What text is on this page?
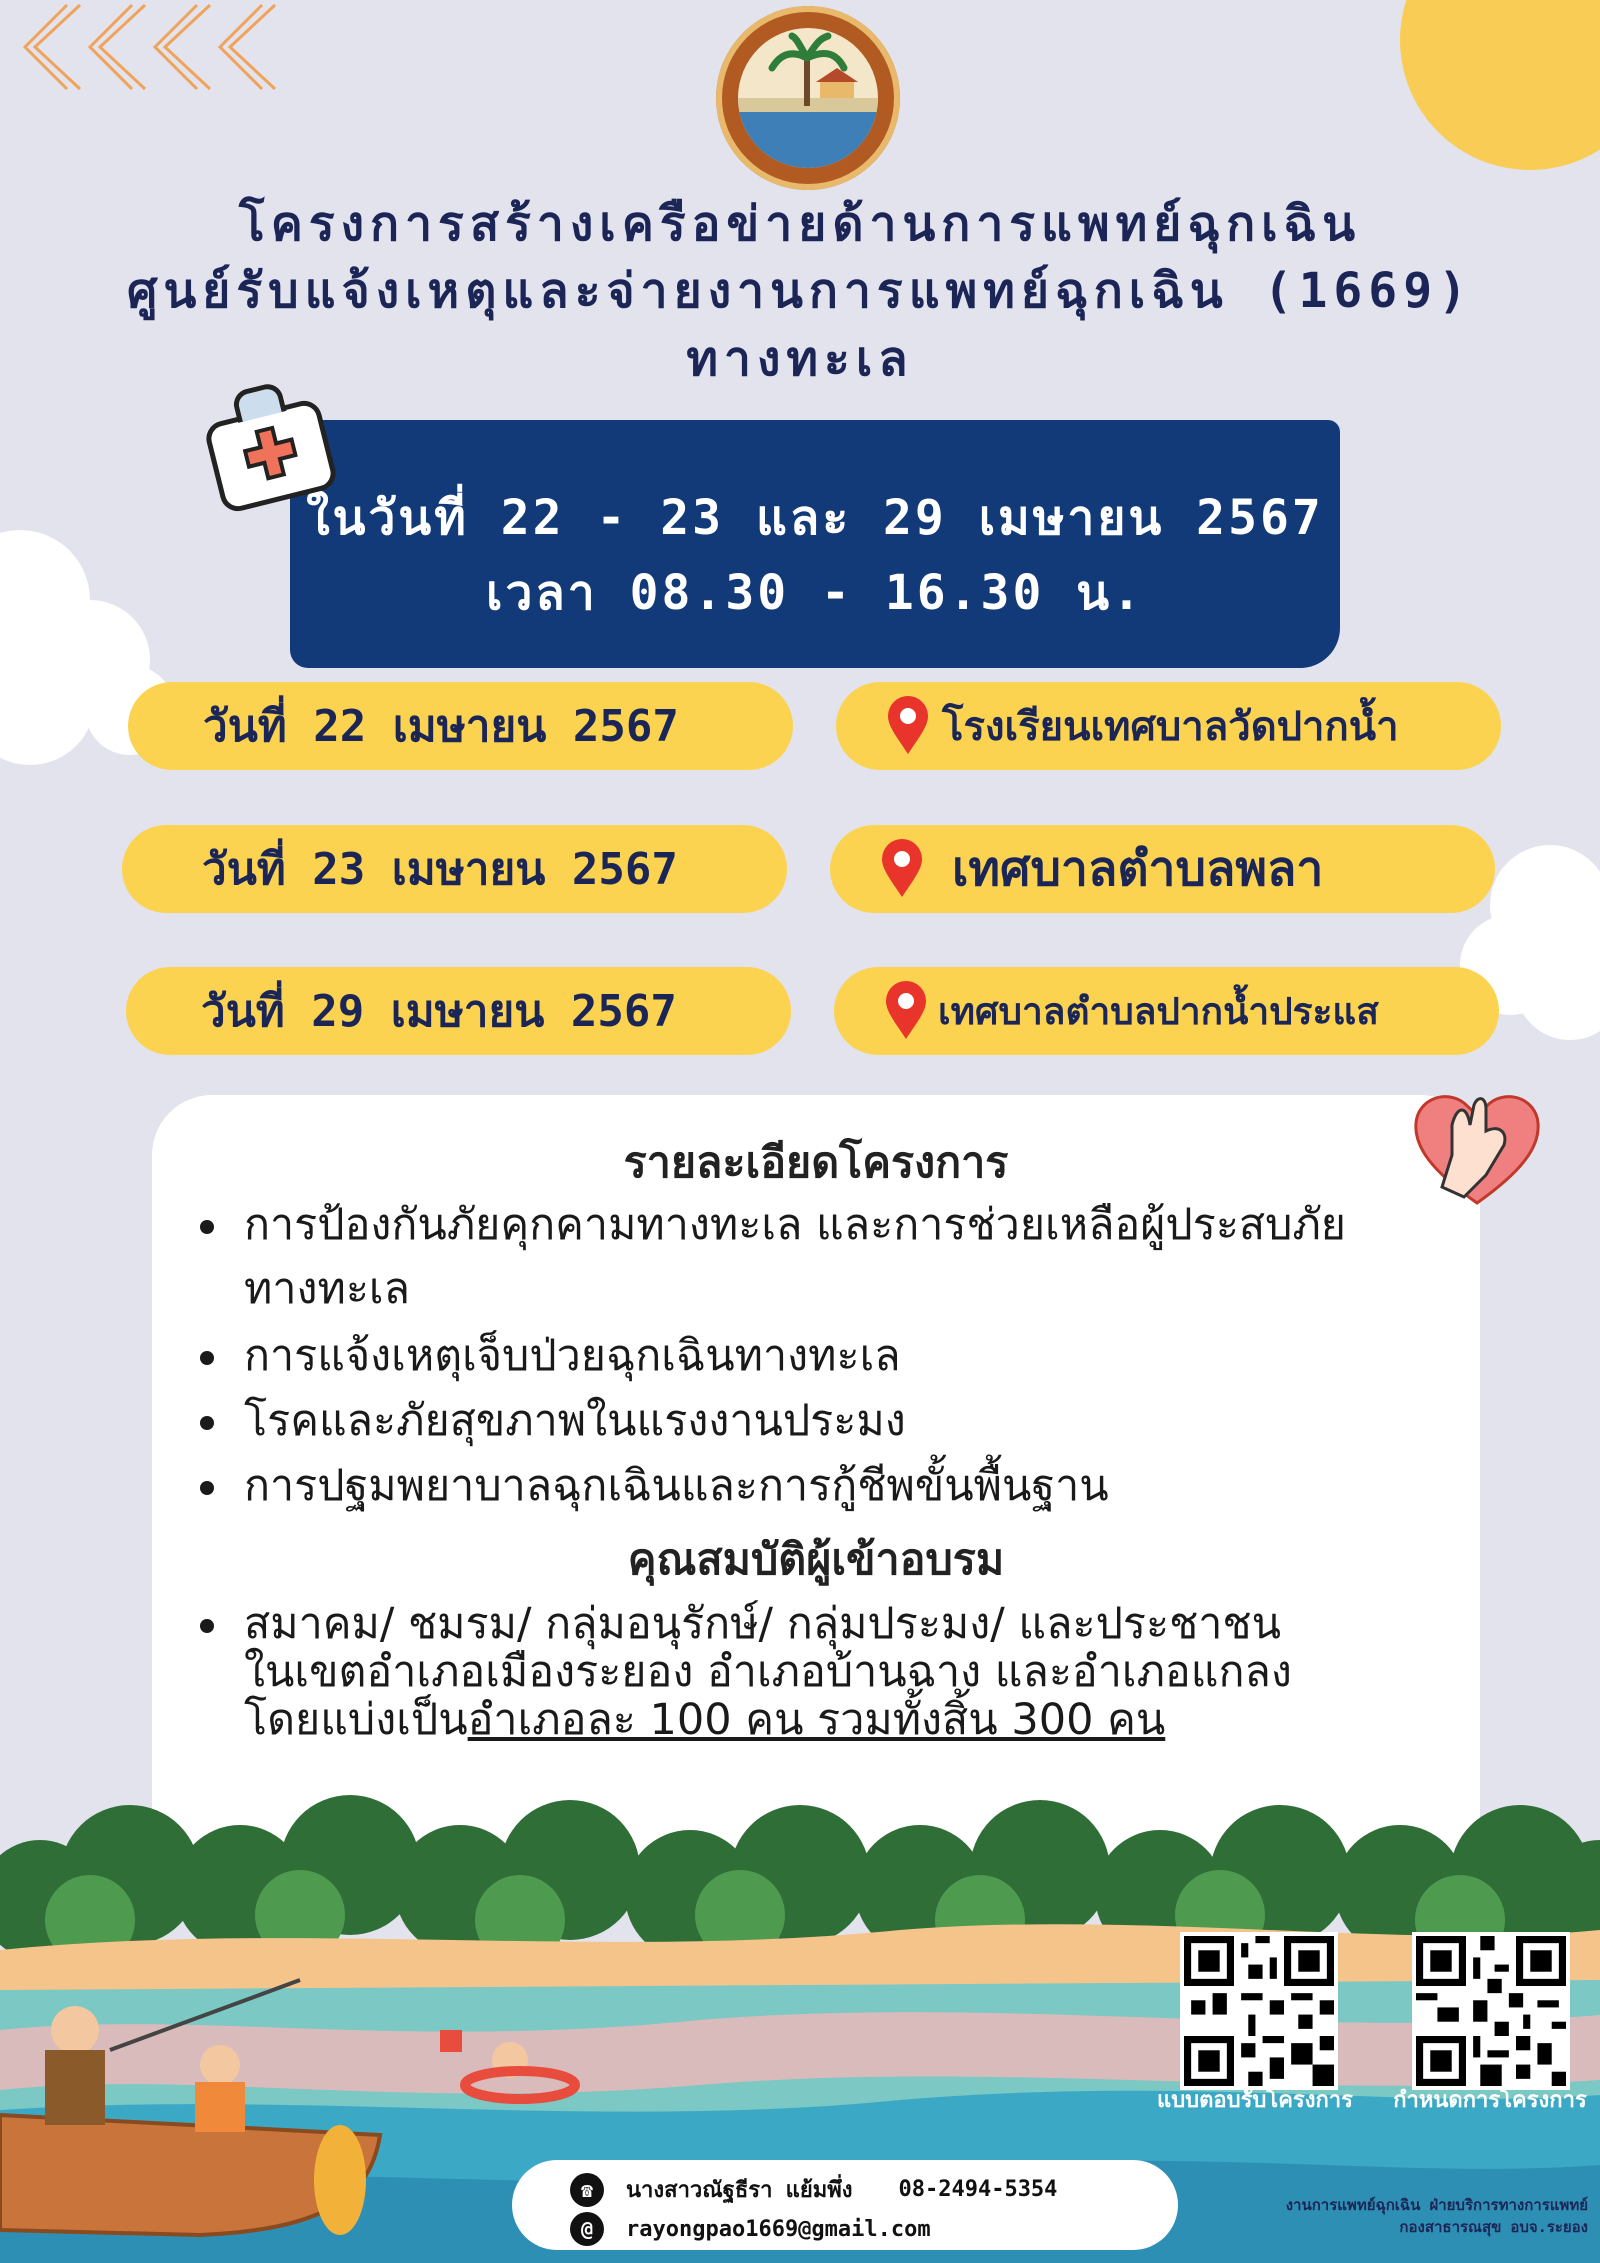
โครงการสร้างเครือข่ายด้านการแพทย์ฉุกเฉิน
ศูนย์รับแจ้งเหตุและจ่ายงานการแพทย์ฉุกเฉิน (1669)
ทางทะเล
ในวันที่ 22 - 23 และ 29 เมษายน 2567
เวลา 08.30 - 16.30 น.
วันที่ 22 เมษายน 2567	โรงเรียนเทศบาลวัดปากน้ำ
วันที่ 23 เมษายน 2567	เทศบาลตำบลพลา
วันที่ 29 เมษายน 2567	เทศบาลตำบลปากน้ำประแส
รายละเอียดโครงการ
การป้องกันภัยคุกคามทางทะเล และการช่วยเหลือผู้ประสบภัย
ทางทะเล
การแจ้งเหตุเจ็บป่วยฉุกเฉินทางทะเล
โรคและภัยสุขภาพในแรงงานประมง
การปฐมพยาบาลฉุกเฉินและการกู้ชีพขั้นพื้นฐาน
คุณสมบัติผู้เข้าอบรม
สมาคม/ ชมรม/ กลุ่มอนุรักษ์/ กลุ่มประมง/ และประชาชน
ในเขตอำเภอเมืองระยอง อำเภอบ้านฉาง และอำเภอแกลง
โดยแบ่งเป็นอำเภอละ 100 คน รวมทั้งสิ้น 300 คน
แบบตอบรับโครงการ	กำหนดการโครงการ
☎	นางสาวณัฐธีรา แย้มพึ่ง 08-2494-5354
@	rayongpao1669@gmail.com
งานการแพทย์ฉุกเฉิน ฝ่ายบริการทางการแพทย์
กองสาธารณสุข อบจ.ระยอง
